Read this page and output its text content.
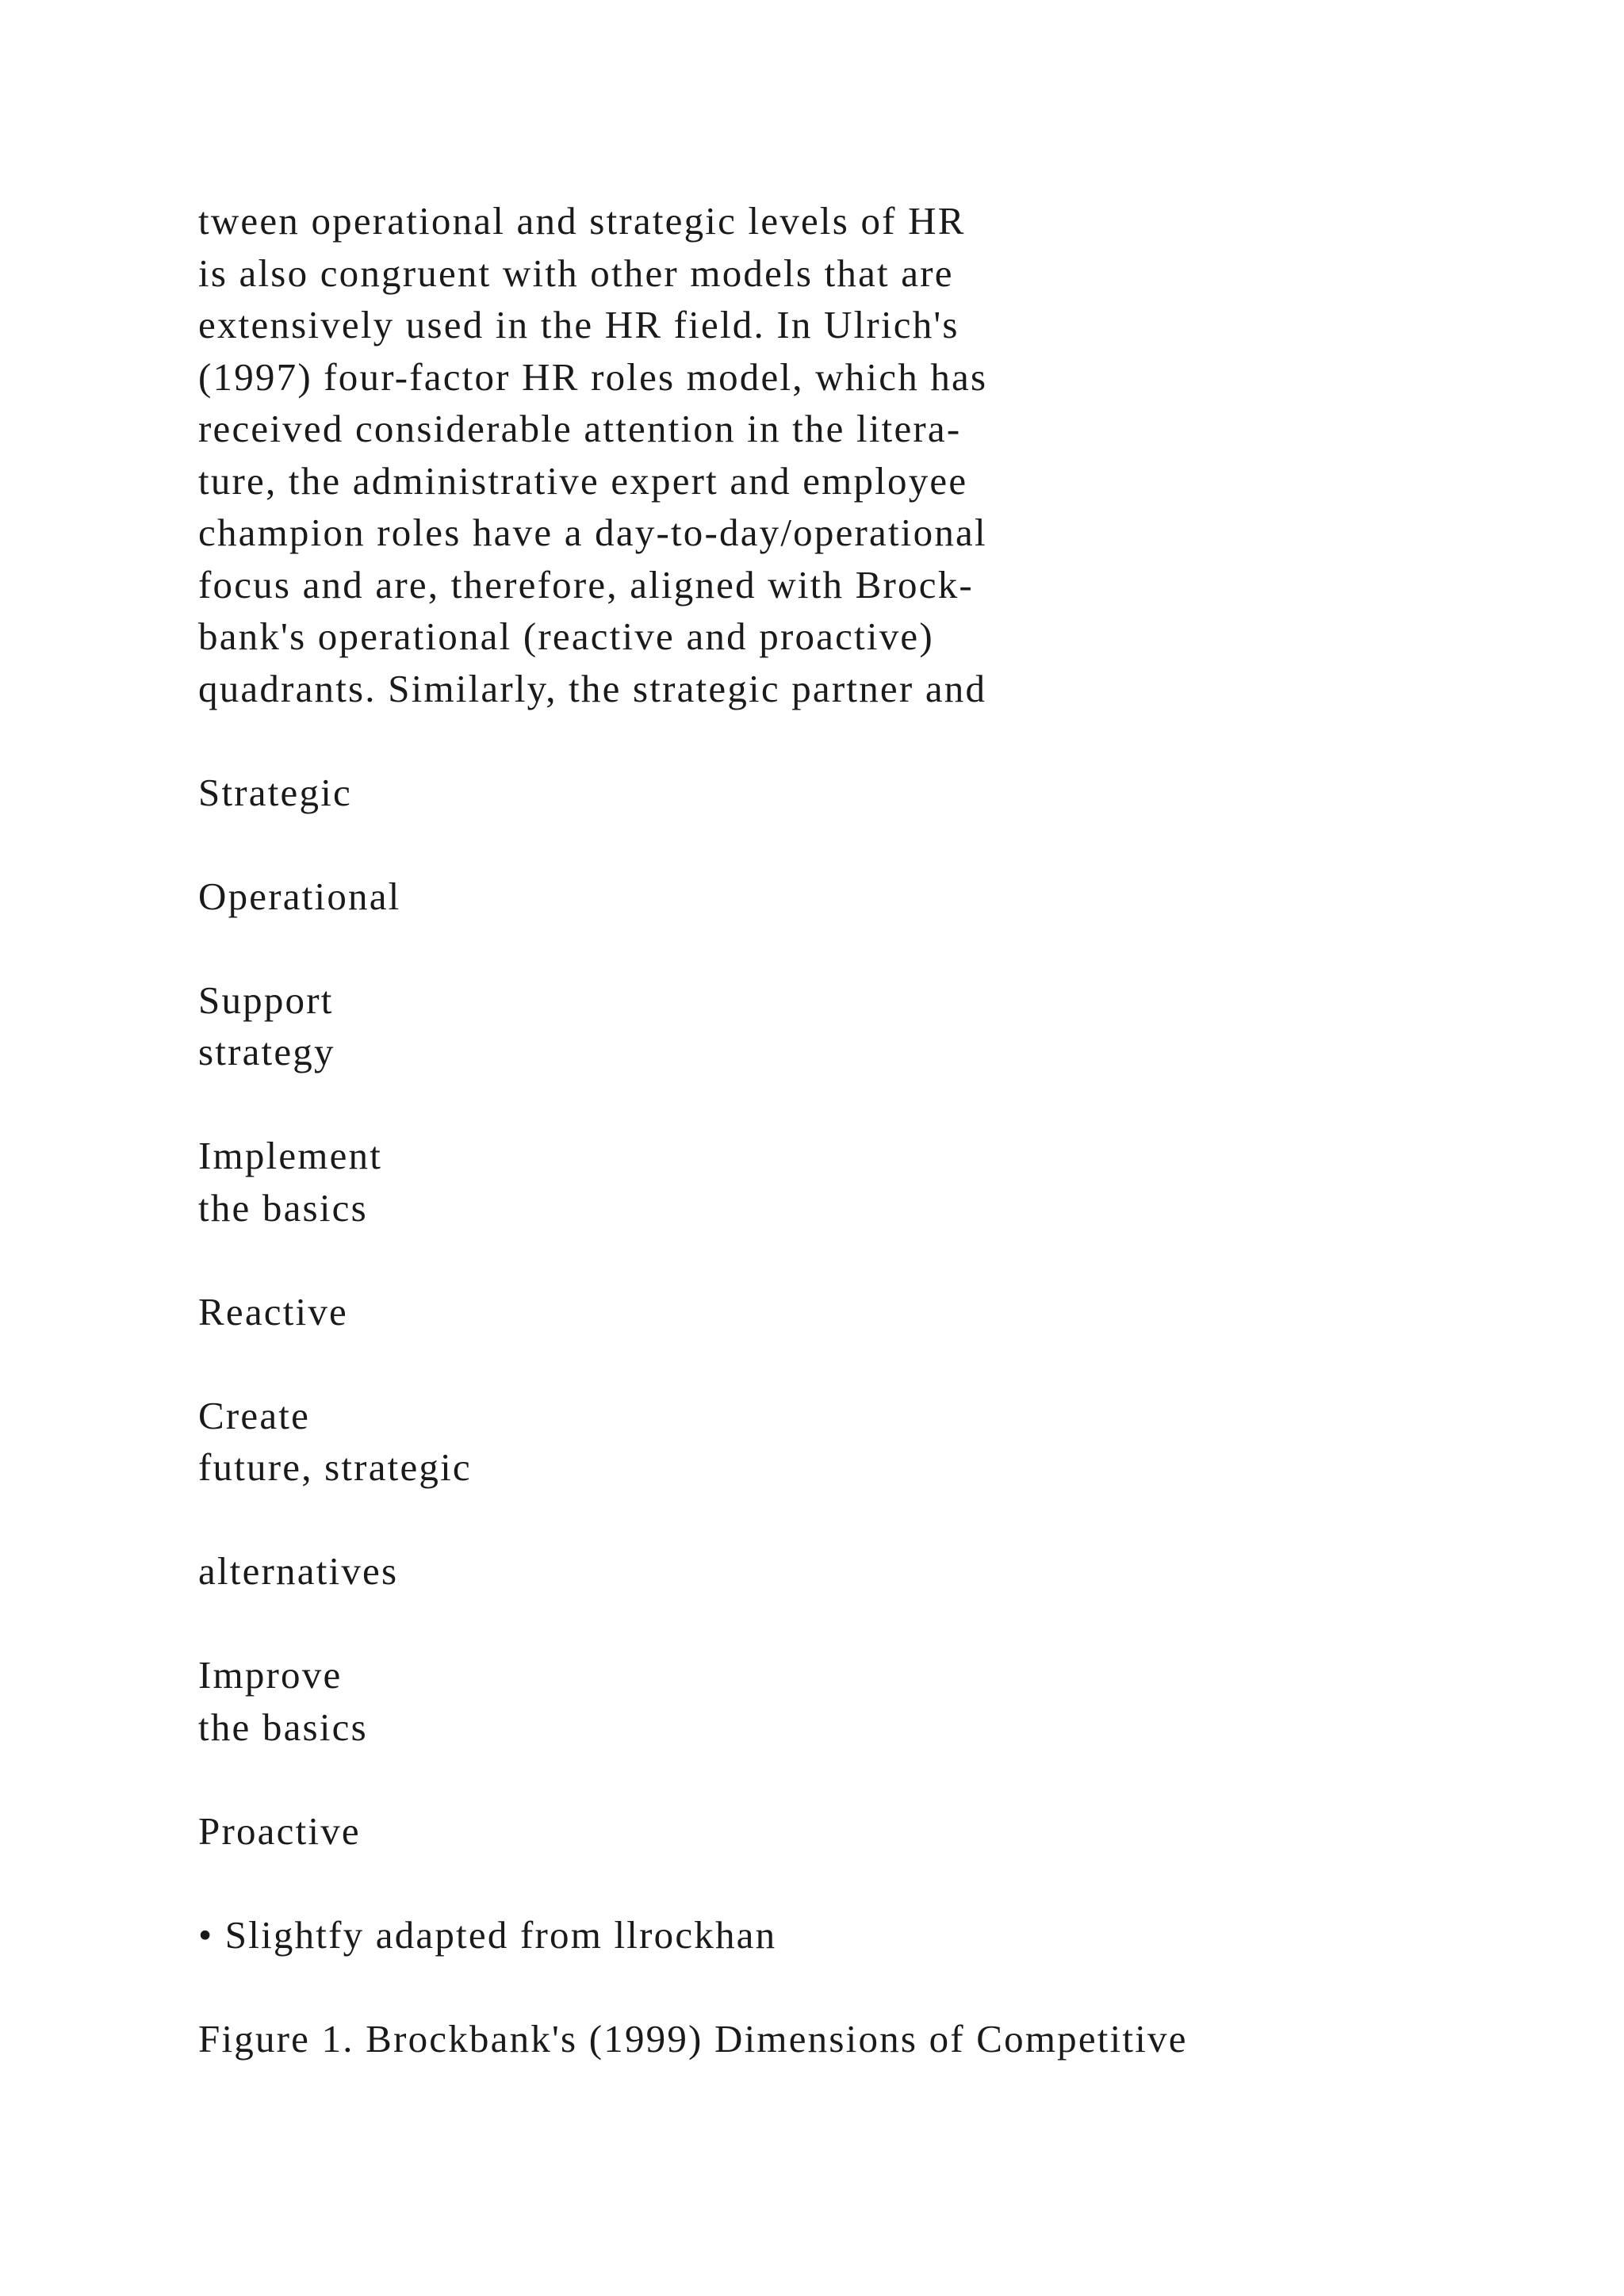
tween operational and strategic levels of HR
is also congruent with other models that are
extensively used in the HR field. In Ulrich's
(1997) four-factor HR roles model, which has
received considerable attention in the litera-
ture, the administrative expert and employee
champion roles have a day-to-day/operational
focus and are, therefore, aligned with Brock-
bank's operational (reactive and proactive)
quadrants. Similarly, the strategic partner and
Strategic
Operational
Support
strategy
Implement
the basics
Reactive
Create
future, strategic
alternatives
Improve
the basics
Proactive
• Slightfy adapted from llrockhan
Figure 1. Brockbank's (1999) Dimensions of Competitive
